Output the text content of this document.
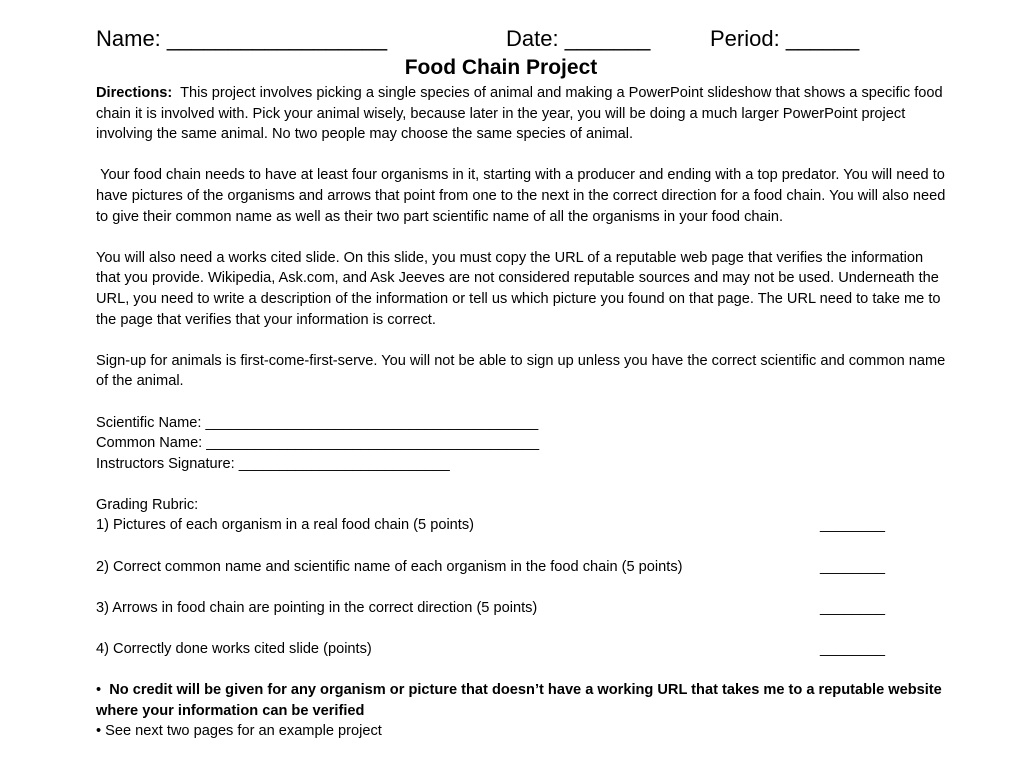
Name: __________________	Date: _______	Period: ______
Food Chain Project

Directions: This project involves picking a single species of animal and making a PowerPoint slideshow that shows a specific food chain it is involved with. Pick your animal wisely, because later in the year, you will be doing a much larger PowerPoint project involving the same animal. No two people may choose the same species of animal.

Your food chain needs to have at least four organisms in it, starting with a producer and ending with a top predator. You will need to have pictures of the organisms and arrows that point from one to the next in the correct direction for a food chain. You will also need to give their common name as well as their two part scientific name of all the organisms in your food chain.

You will also need a works cited slide. On this slide, you must copy the URL of a reputable web page that verifies the information that you provide. Wikipedia, Ask.com, and Ask Jeeves are not considered reputable sources and may not be used. Underneath the URL, you need to write a description of the information or tell us which picture you found on that page. The URL need to take me to the page that verifies that your information is correct.

Sign-up for animals is first-come-first-serve. You will not be able to sign up unless you have the correct scientific and common name of the animal.

Scientific Name: _________________________________________

Common Name: _________________________________________

Instructors Signature: __________________________

Grading Rubric:

1) Pictures of each organism in a real food chain (5 points)	________
2) Correct common name and scientific name of each organism in the food chain (5 points)	________
3) Arrows in food chain are pointing in the correct direction (5 points)	________
4) Correctly done works cited slide (points)	________

• No credit will be given for any organism or picture that doesn’t have a working URL that takes me to a reputable website where your information can be verified

• See next two pages for an example project
